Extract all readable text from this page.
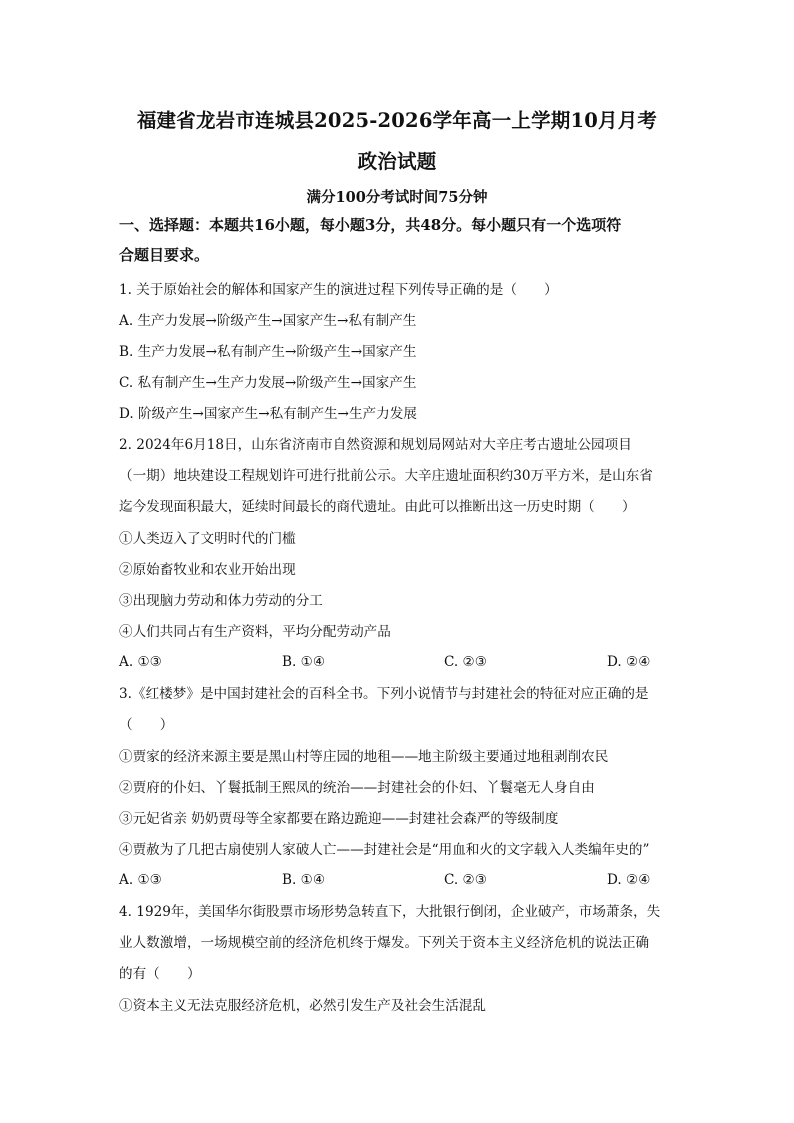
福建省龙岩市连城县2025-2026学年高一上学期10月月考
政治试题
满分100分考试时间75分钟
一、选择题：本题共16小题，每小题3分，共48分。每小题只有一个选项符
合题目要求。
1. 关于原始社会的解体和国家产生的演进过程下列传导正确的是（　　）
A. 生产力发展→阶级产生→国家产生→私有制产生
B. 生产力发展→私有制产生→阶级产生→国家产生
C. 私有制产生→生产力发展→阶级产生→国家产生
D. 阶级产生→国家产生→私有制产生→生产力发展
2. 2024年6月18日，山东省济南市自然资源和规划局网站对大辛庄考古遗址公园项目
（一期）地块建设工程规划许可进行批前公示。大辛庄遗址面积约30万平方米，是山东省
迄今发现面积最大，延续时间最长的商代遗址。由此可以推断出这一历史时期（　　）
①人类迈入了文明时代的门槛
②原始畜牧业和农业开始出现
③出现脑力劳动和体力劳动的分工
④人们共同占有生产资料，平均分配劳动产品
A. ①③	B. ①④	C. ②③	D. ②④
3.《红楼梦》是中国封建社会的百科全书。下列小说情节与封建社会的特征对应正确的是
（　　）
①贾家的经济来源主要是黑山村等庄园的地租——地主阶级主要通过地租剥削农民
②贾府的仆妇、丫鬟抵制王熙凤的统治——封建社会的仆妇、丫鬟毫无人身自由
③元妃省亲 奶奶贾母等全家都要在路边跪迎——封建社会森严的等级制度
④贾赦为了几把古扇使别人家破人亡——封建社会是“用血和火的文字载入人类编年史的”
A. ①③	B. ①④	C. ②③	D. ②④
4. 1929年，美国华尔街股票市场形势急转直下，大批银行倒闭，企业破产，市场萧条，失
业人数激增，一场规模空前的经济危机终于爆发。下列关于资本主义经济危机的说法正确
的有（　　）
①资本主义无法克服经济危机，必然引发生产及社会生活混乱
